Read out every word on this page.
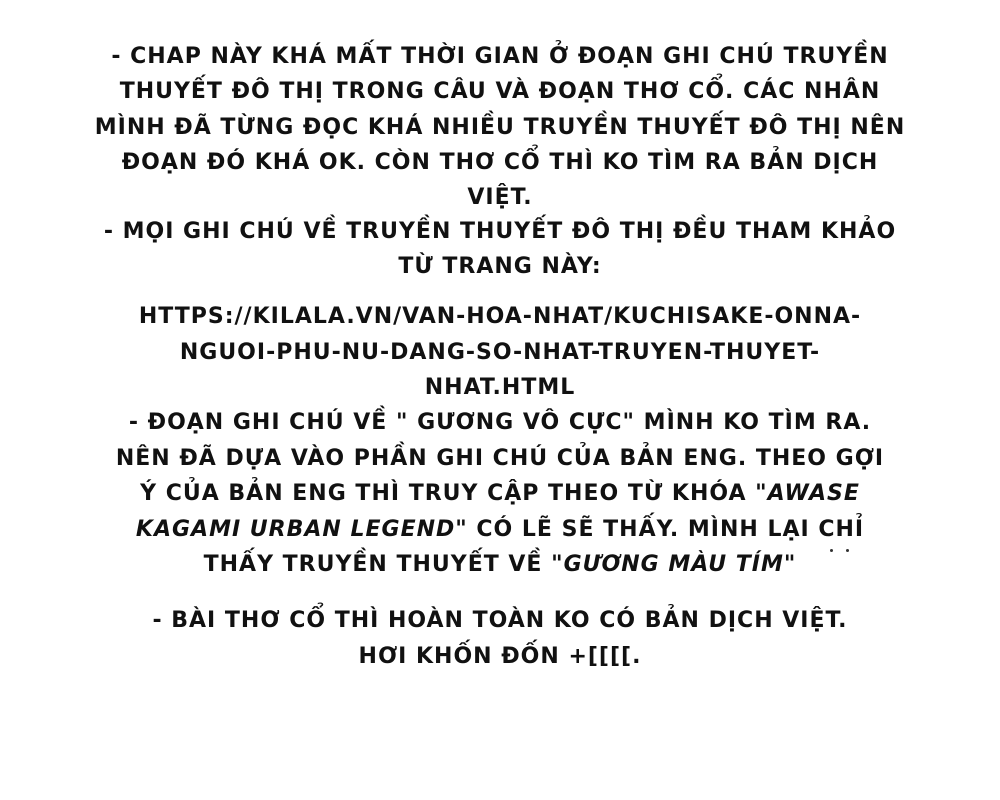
- CHAP NÀY KHÁ MẤT THỜI GIAN Ở ĐOẠN GHI CHÚ TRUYỀN
THUYẾT ĐÔ THỊ TRONG CÂU VÀ ĐOẠN THƠ CỔ. CÁC NHÂN
MÌNH ĐÃ TỪNG ĐỌC KHÁ NHIỀU TRUYỀN THUYẾT ĐÔ THỊ NÊN
ĐOẠN ĐÓ KHÁ OK. CÒN THƠ CỔ THÌ KO TÌM RA BẢN DỊCH
VIỆT.
- MỌI GHI CHÚ VỀ TRUYỀN THUYẾT ĐÔ THỊ ĐỀU THAM KHẢO
TỪ TRANG NÀY:
HTTPS://KILALA.VN/VAN-HOA-NHAT/KUCHISAKE-ONNA-
NGUOI-PHU-NU-DANG-SO-NHAT-TRUYEN-THUYET-
NHAT.HTML
- ĐOẠN GHI CHÚ VỀ " GƯƠNG VÔ CỰC" MÌNH KO TÌM RA.
NÊN ĐÃ DỰA VÀO PHẦN GHI CHÚ CỦA BẢN ENG. THEO GỢI
Ý CỦA BẢN ENG THÌ TRUY CẬP THEO TỪ KHÓA "AWASE
KAGAMI URBAN LEGEND" CÓ LẼ SẼ THẤY. MÌNH LẠI CHỈ
THẤY TRUYỀN THUYẾT VỀ "GƯƠNG MÀU TÍM"
- BÀI THƠ CỔ THÌ HOÀN TOÀN KO CÓ BẢN DỊCH VIỆT.
HƠI KHỐN ĐỐN +[[[[.
